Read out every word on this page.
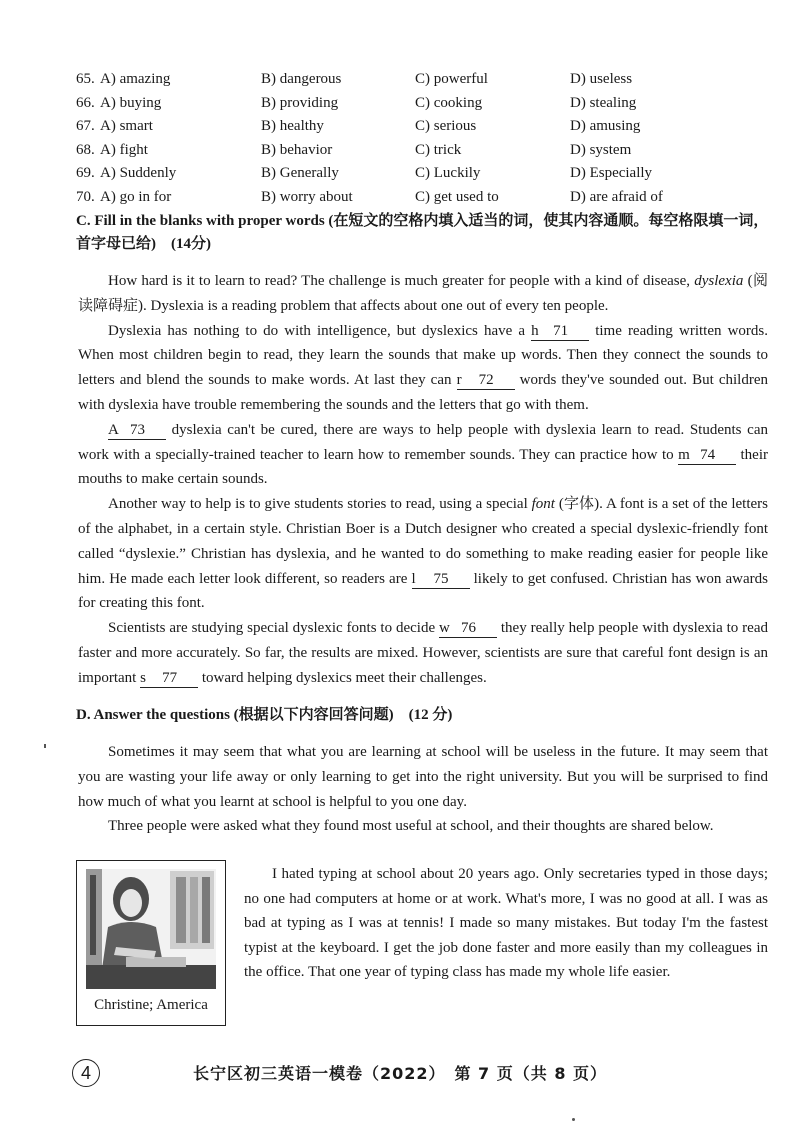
65. A) amazing	B) dangerous	C) powerful	D) useless
66. A) buying	B) providing	C) cooking	D) stealing
67. A) smart	B) healthy	C) serious	D) amusing
68. A) fight	B) behavior	C) trick	D) system
69. A) Suddenly	B) Generally	C) Luckily	D) Especially
70. A) go in for	B) worry about	C) get used to	D) are afraid of
C. Fill in the blanks with proper words (在短文的空格内填入适当的词，使其内容通顺。每空格限填一词，首字母已给)　(14分)

How hard is it to learn to read? The challenge is much greater for people with a kind of disease, dyslexia (阅读障碍症). Dyslexia is a reading problem that affects about one out of every ten people.

Dyslexia has nothing to do with intelligence, but dyslexics have a h 71 time reading written words. When most children begin to read, they learn the sounds that make up words. Then they connect the sounds to letters and blend the sounds to make words. At last they can r 72 words they've sounded out. But children with dyslexia have trouble remembering the sounds and the letters that go with them.

A 73 dyslexia can't be cured, there are ways to help people with dyslexia learn to read. Students can work with a specially-trained teacher to learn how to remember sounds. They can practice how to m 74 their mouths to make certain sounds.

Another way to help is to give students stories to read, using a special font (字体). A font is a set of the letters of the alphabet, in a certain style. Christian Boer is a Dutch designer who created a special dyslexic-friendly font called “dyslexie.” Christian has dyslexia, and he wanted to do something to make reading easier for people like him. He made each letter look different, so readers are l 75 likely to get confused. Christian has won awards for creating this font.

Scientists are studying special dyslexic fonts to decide w 76 they really help people with dyslexia to read faster and more accurately. So far, the results are mixed. However, scientists are sure that careful font design is an important s 77 toward helping dyslexics meet their challenges.

D. Answer the questions (根据以下内容回答问题)　(12 分)

Sometimes it may seem that what you are learning at school will be useless in the future. It may seem that you are wasting your life away or only learning to get into the right university. But you will be surprised to find how much of what you learnt at school is helpful to you one day.

Three people were asked what they found most useful at school, and their thoughts are shared below.

Christine; America

I hated typing at school about 20 years ago. Only secretaries typed in those days; no one had computers at home or at work. What's more, I was no good at all. I was as bad at typing as I was at tennis! I made so many mistakes. But today I'm the fastest typist at the keyboard. I get the job done faster and more easily than my colleagues in the office. That one year of typing class has made my whole life easier.

4	长宁区初三英语一模卷（2022）　第 7 页（共 8 页）
